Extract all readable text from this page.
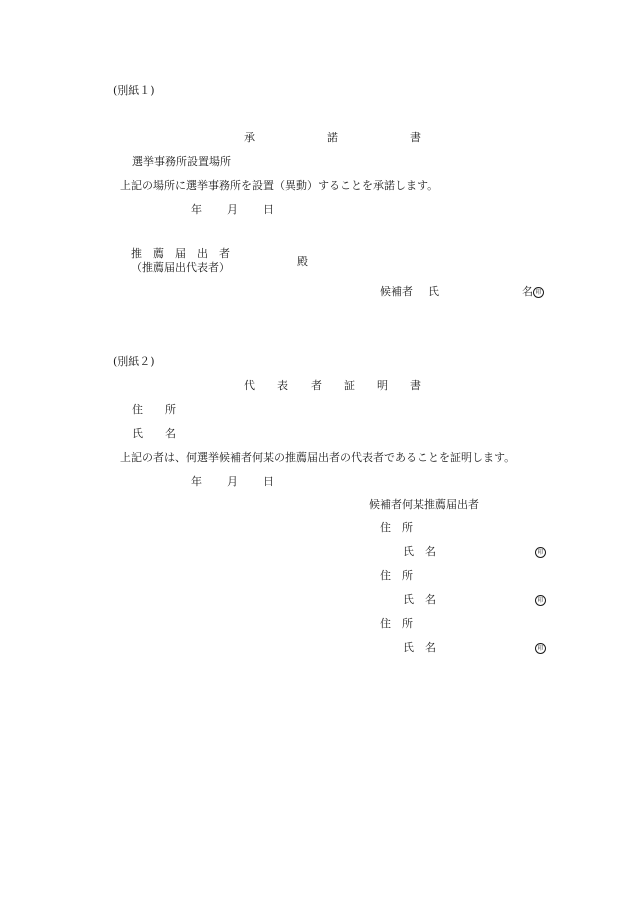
(別紙１)
承	諾	書
選挙事務所設置場所
上記の場所に選挙事務所を設置（異動）することを承諾します。
年 月 日
推　薦　届　出　者
（推薦届出代表者）	殿
候補者 氏	名 印
(別紙２)
代 表 者 証 明 書
住　　所
氏　　名
上記の者は、何選挙候補者何某の推薦届出者の代表者であることを証明します。
年 月 日
候補者何某推薦届出者
住　所
氏　名	印
住　所
氏　名	印
住　所
氏　名	印
